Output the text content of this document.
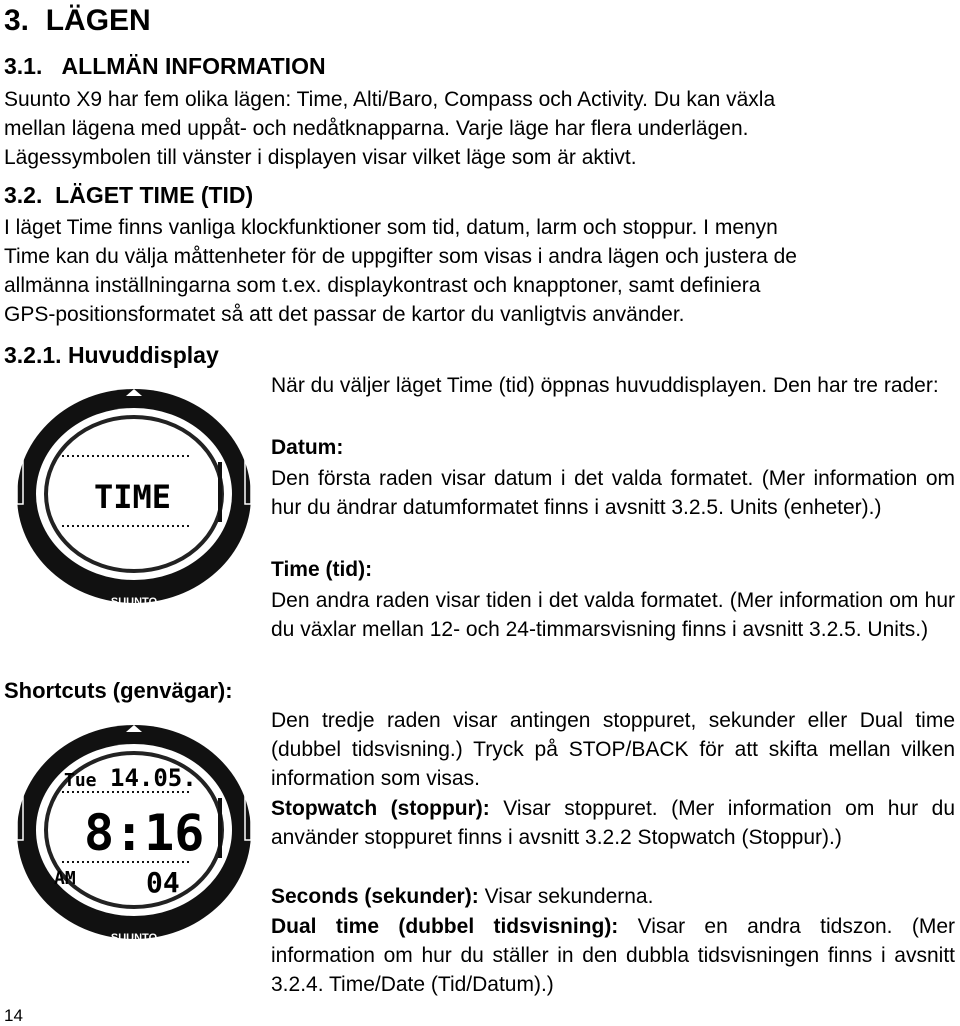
3. LÄGEN
3.1. ALLMÄN INFORMATION
Suunto X9 har fem olika lägen: Time, Alti/Baro, Compass och Activity. Du kan växla
mellan lägena med uppåt- och nedåtknapparna. Varje läge har flera underlägen.
Lägessymbolen till vänster i displayen visar vilket läge som är aktivt.
3.2. LÄGET TIME (TID)
I läget Time finns vanliga klockfunktioner som tid, datum, larm och stoppur. I menyn
Time kan du välja måttenheter för de uppgifter som visas i andra lägen och justera de
allmänna inställningarna som t.ex. displaykontrast och knapptoner, samt definiera
GPS-positionsformatet så att det passar de kartor du vanligtvis använder.
3.2.1. Huvuddisplay
TIME
SUUNTO
När du väljer läget Time (tid) öppnas huvuddisplayen. Den har tre rader:
Datum:
Den första raden visar datum i det valda formatet. (Mer information om hur du ändrar datumformatet finns i avsnitt 3.2.5. Units (enheter).)
Time (tid):
Den andra raden visar tiden i det valda formatet. (Mer information om hur du växlar mellan 12- och 24-timmarsvisning finns i avsnitt 3.2.5. Units.)
Shortcuts (genvägar):
Tue 14.05.
8:16
AM	04
SUUNTO
Den tredje raden visar antingen stoppuret, sekunder eller Dual time (dubbel tidsvisning.) Tryck på STOP/BACK för att skifta mellan vilken information som visas.
Stopwatch (stoppur): Visar stoppuret. (Mer information om hur du använder stoppuret finns i avsnitt 3.2.2 Stopwatch (Stoppur).)
Seconds (sekunder): Visar sekunderna.
Dual time (dubbel tidsvisning): Visar en andra tidszon. (Mer information om hur du ställer in den dubbla tidsvisningen finns i avsnitt 3.2.4. Time/Date (Tid/Datum).)
14
